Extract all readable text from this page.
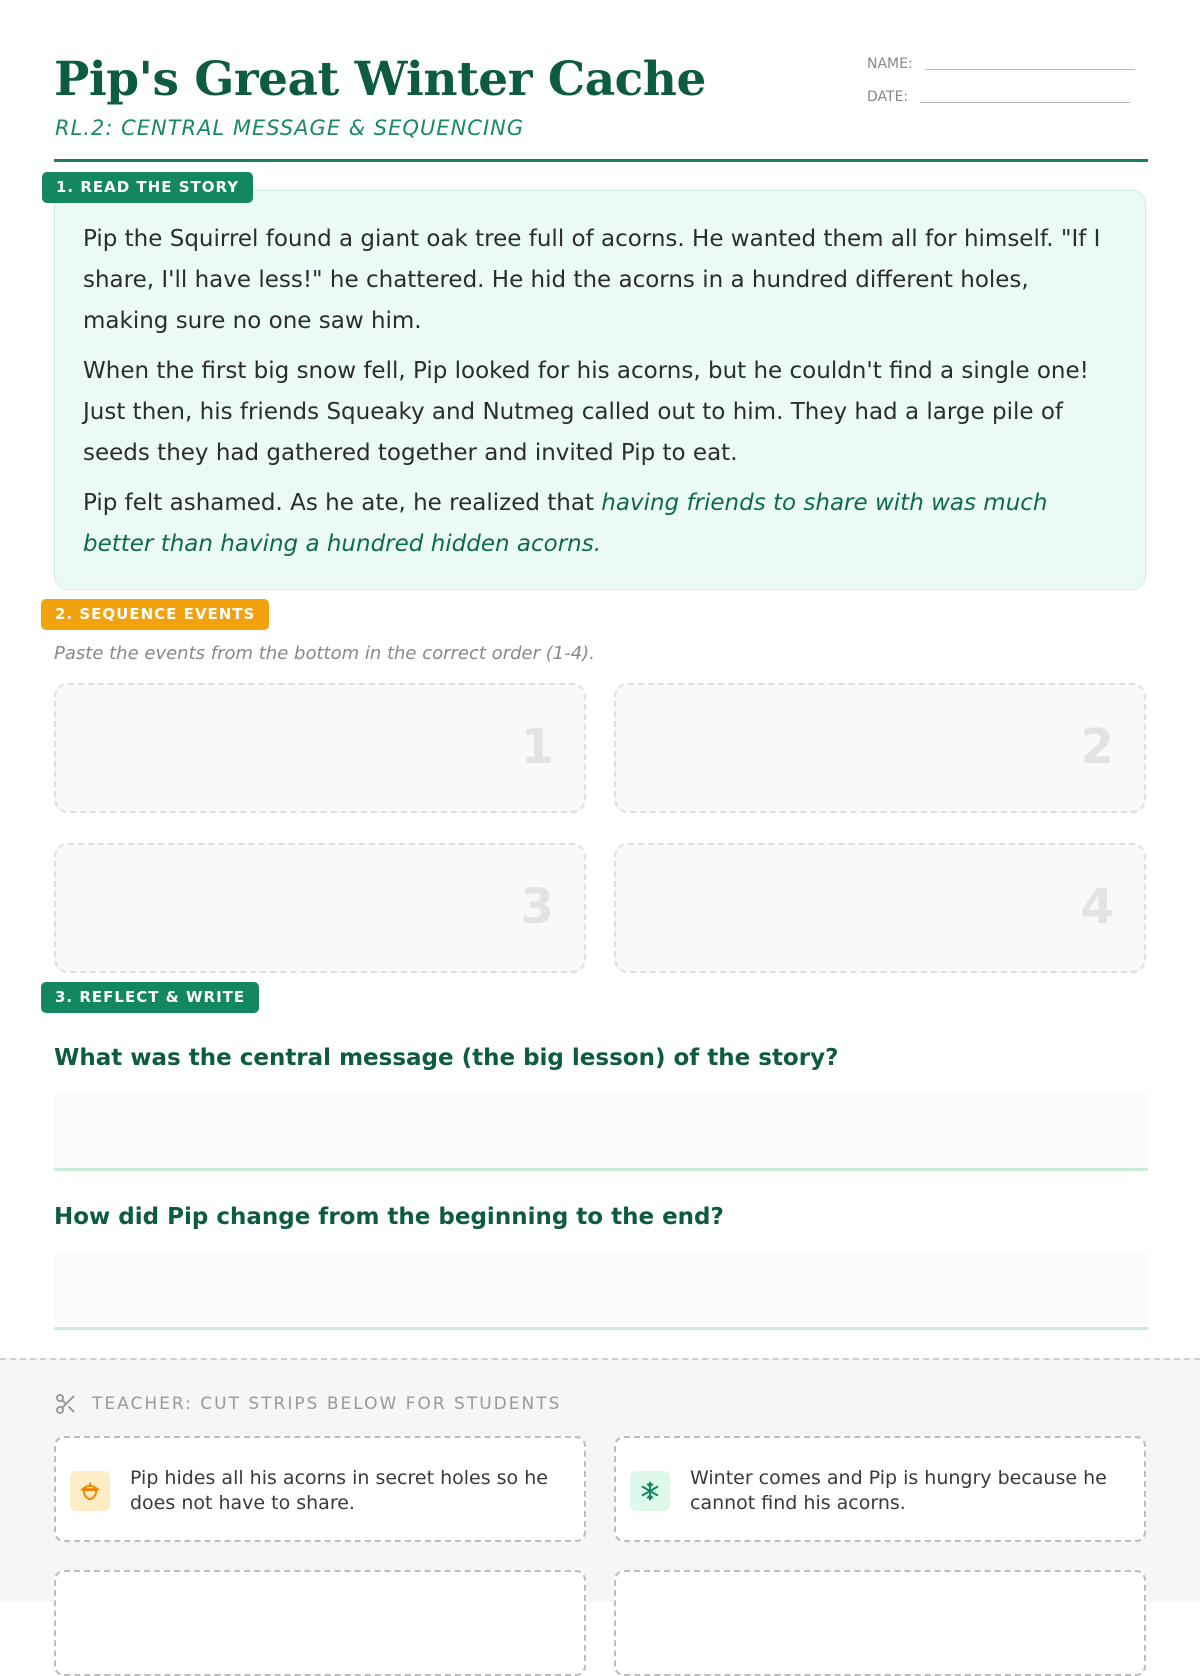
Pip's Great Winter Cache
RL.2: CENTRAL MESSAGE & SEQUENCING
NAME:
DATE:
1. READ THE STORY

Pip the Squirrel found a giant oak tree full of acorns. He wanted them all for himself. "If I share, I'll have less!" he chattered. He hid the acorns in a hundred different holes, making sure no one saw him.

When the first big snow fell, Pip looked for his acorns, but he couldn't find a single one! Just then, his friends Squeaky and Nutmeg called out to him. They had a large pile of seeds they had gathered together and invited Pip to eat.

Pip felt ashamed. As he ate, he realized that having friends to share with was much better than having a hundred hidden acorns.

2. SEQUENCE EVENTS
Paste the events from the bottom in the correct order (1-4).
1	2
3	4
3. REFLECT & WRITE
What was the central message (the big lesson) of the story?
How did Pip change from the beginning to the end?
TEACHER: CUT STRIPS BELOW FOR STUDENTS
Pip hides all his acorns in secret holes so he does not have to share.
Winter comes and Pip is hungry because he cannot find his acorns.
